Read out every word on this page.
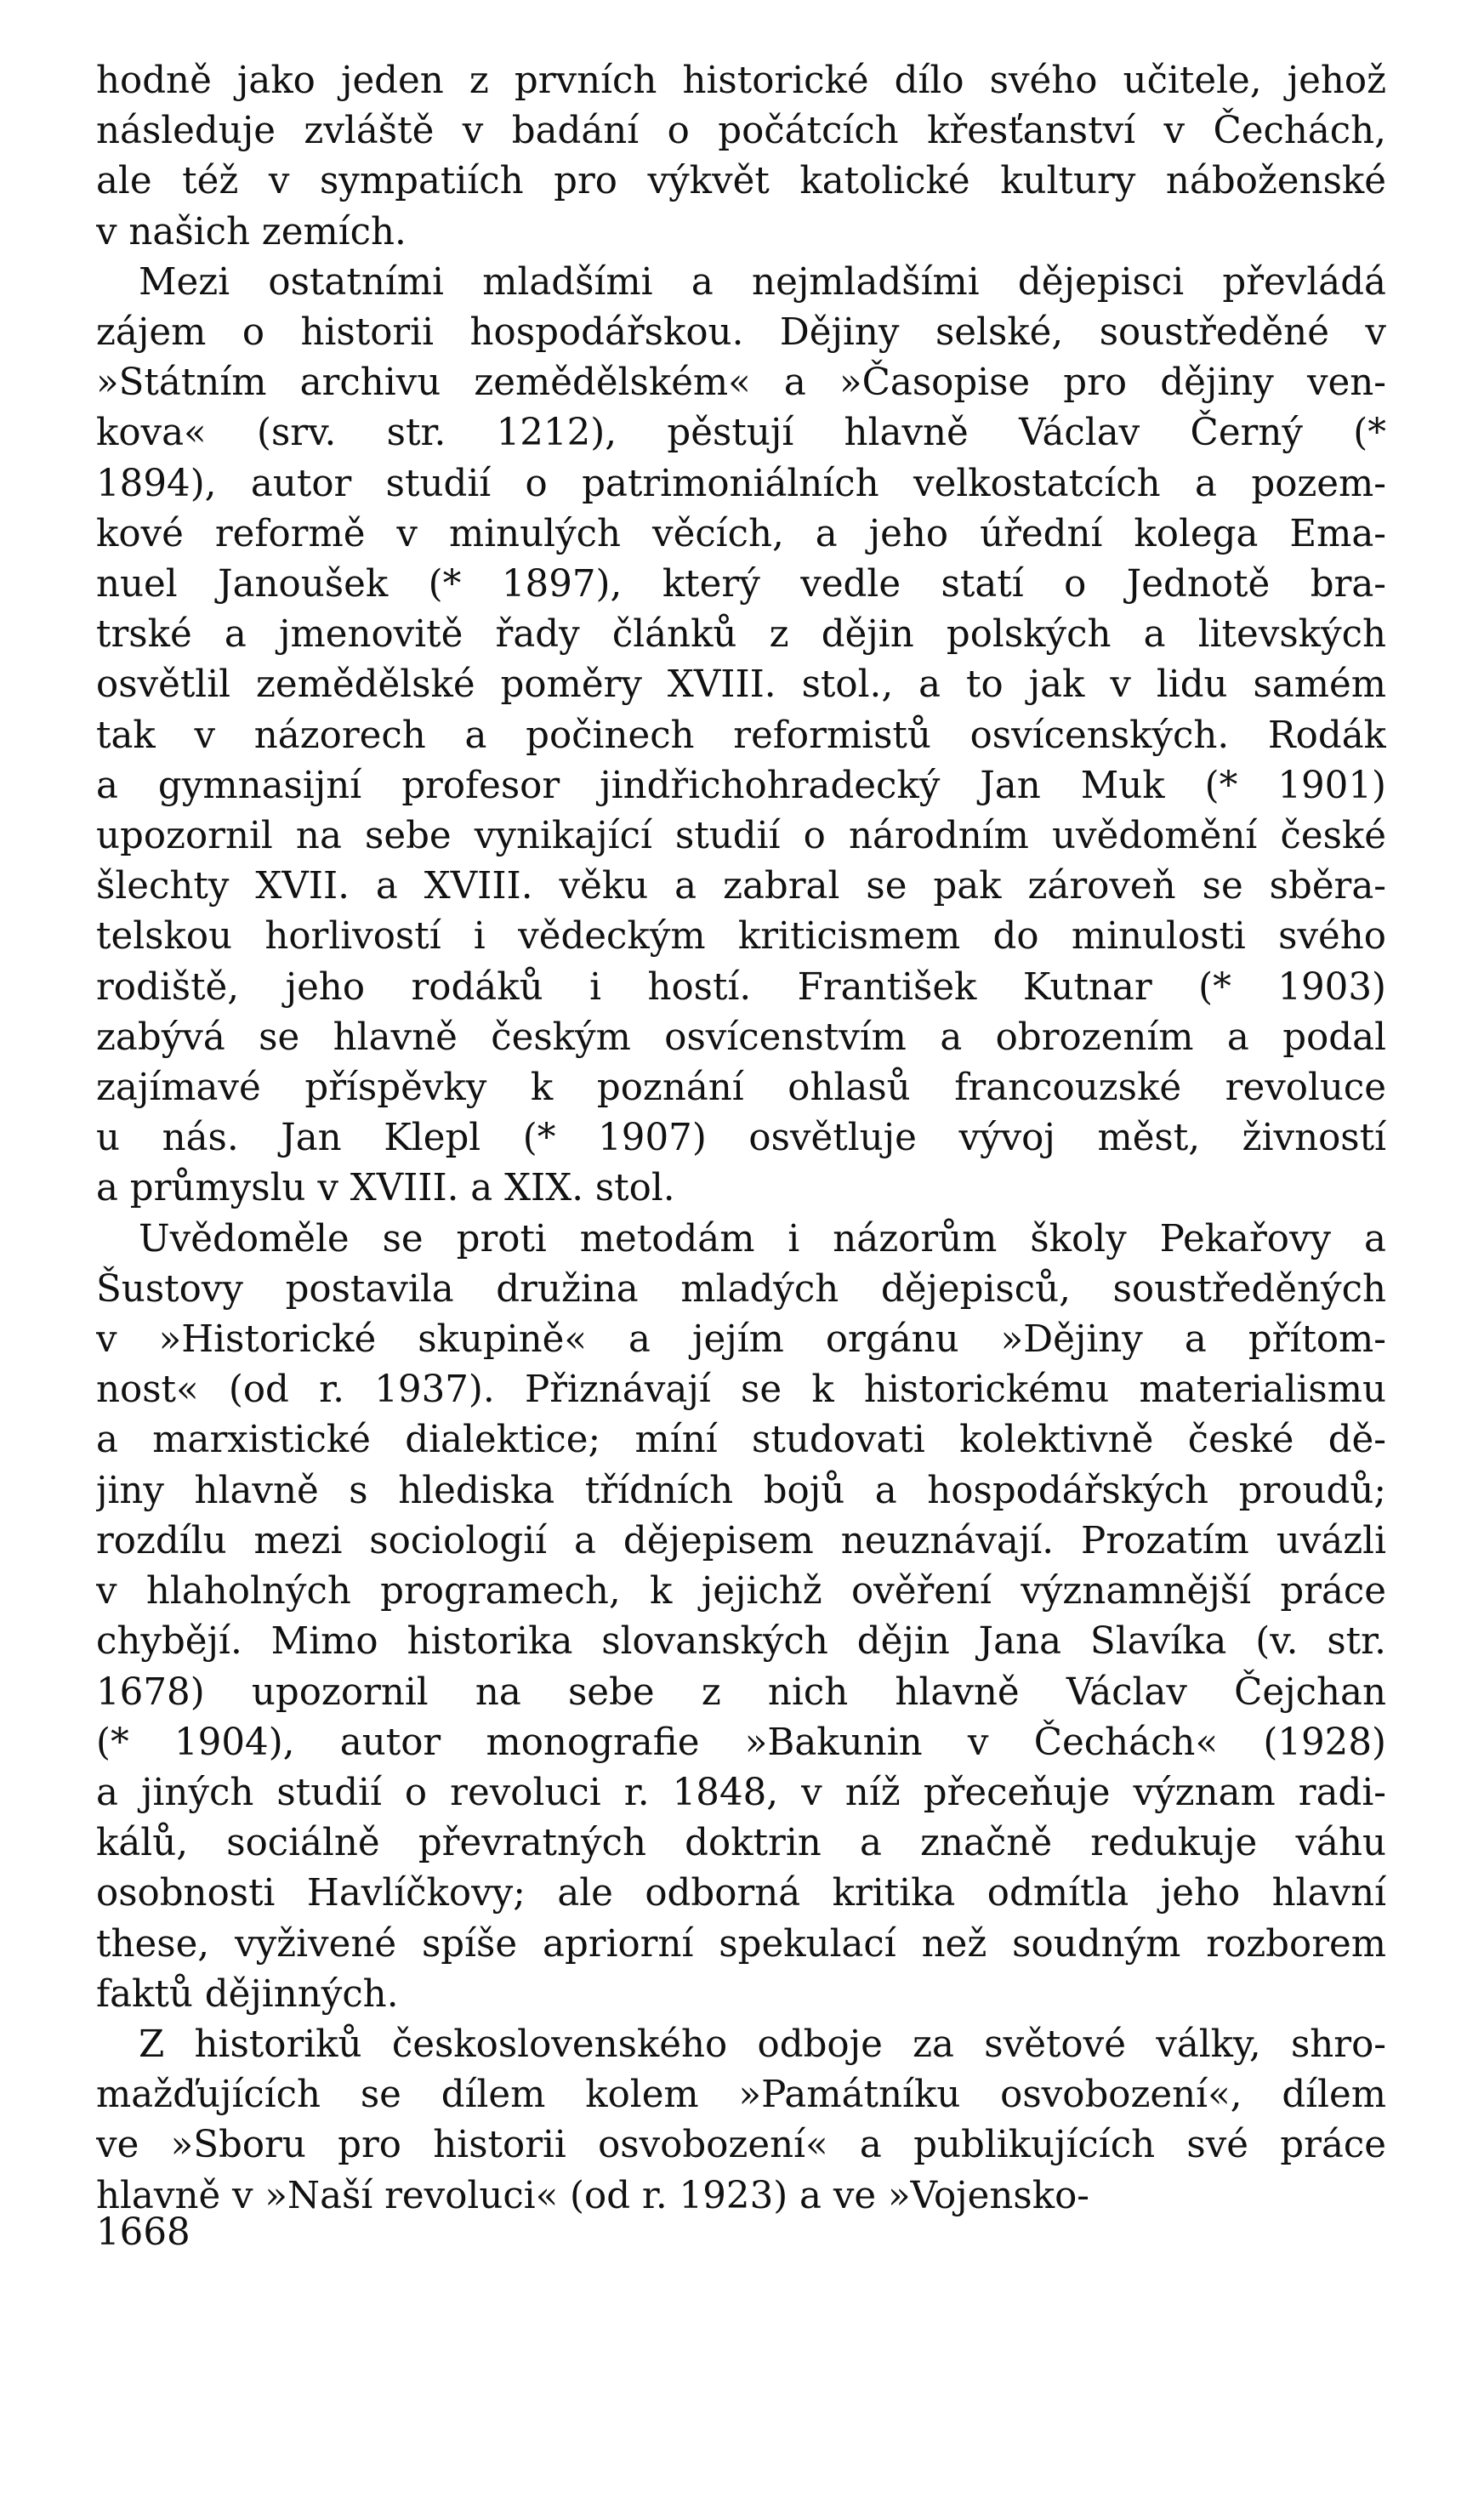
hodně jako jeden z prvních historické dílo svého učitele, jehož
následuje zvláště v badání o počátcích křesťanství v Čechách,
ale též v sympatiích pro výkvět katolické kultury náboženské
v našich zemích.
Mezi ostatními mladšími a nejmladšími dějepisci převládá
zájem o historii hospodářskou. Dějiny selské, soustředěné v
»Státním archivu zemědělském« a »Časopise pro dějiny ven-
kova« (srv. str. 1212), pěstují hlavně Václav Černý (*
1894), autor studií o patrimoniálních velkostatcích a pozem-
kové reformě v minulých věcích, a jeho úřední kolega Ema-
nuel Janoušek (* 1897), který vedle statí o Jednotě bra-
trské a jmenovitě řady článků z dějin polských a litevských
osvětlil zemědělské poměry XVIII. stol., a to jak v lidu samém
tak v názorech a počinech reformistů osvícenských. Rodák
a gymnasijní profesor jindřichohradecký Jan Muk (* 1901)
upozornil na sebe vynikající studií o národním uvědomění české
šlechty XVII. a XVIII. věku a zabral se pak zároveň se sběra-
telskou horlivostí i vědeckým kriticismem do minulosti svého
rodiště, jeho rodáků i hostí. František Kutnar (* 1903)
zabývá se hlavně českým osvícenstvím a obrozením a podal
zajímavé příspěvky k poznání ohlasů francouzské revoluce
u nás. Jan Klepl (* 1907) osvětluje vývoj měst, živností
a průmyslu v XVIII. a XIX. stol.
Uvědoměle se proti metodám i názorům školy Pekařovy a
Šustovy postavila družina mladých dějepisců, soustředěných
v »Historické skupině« a jejím orgánu »Dějiny a přítom-
nost« (od r. 1937). Přiznávají se k historickému materialismu
a marxistické dialektice; míní studovati kolektivně české dě-
jiny hlavně s hlediska třídních bojů a hospodářských proudů;
rozdílu mezi sociologií a dějepisem neuznávají. Prozatím uvázli
v hlaholných programech, k jejichž ověření významnější práce
chybějí. Mimo historika slovanských dějin Jana Slavíka (v. str.
1678) upozornil na sebe z nich hlavně Václav Čejchan
(* 1904), autor monografie »Bakunin v Čechách« (1928)
a jiných studií o revoluci r. 1848, v níž přeceňuje význam radi-
kálů, sociálně převratných doktrin a značně redukuje váhu
osobnosti Havlíčkovy; ale odborná kritika odmítla jeho hlavní
these, vyživené spíše apriorní spekulací než soudným rozborem
faktů dějinných.
Z historiků československého odboje za světové války, shro-
mažďujících se dílem kolem »Památníku osvobození«, dílem
ve »Sboru pro historii osvobození« a publikujících své práce
hlavně v »Naší revoluci« (od r. 1923) a ve »Vojensko-
1668
